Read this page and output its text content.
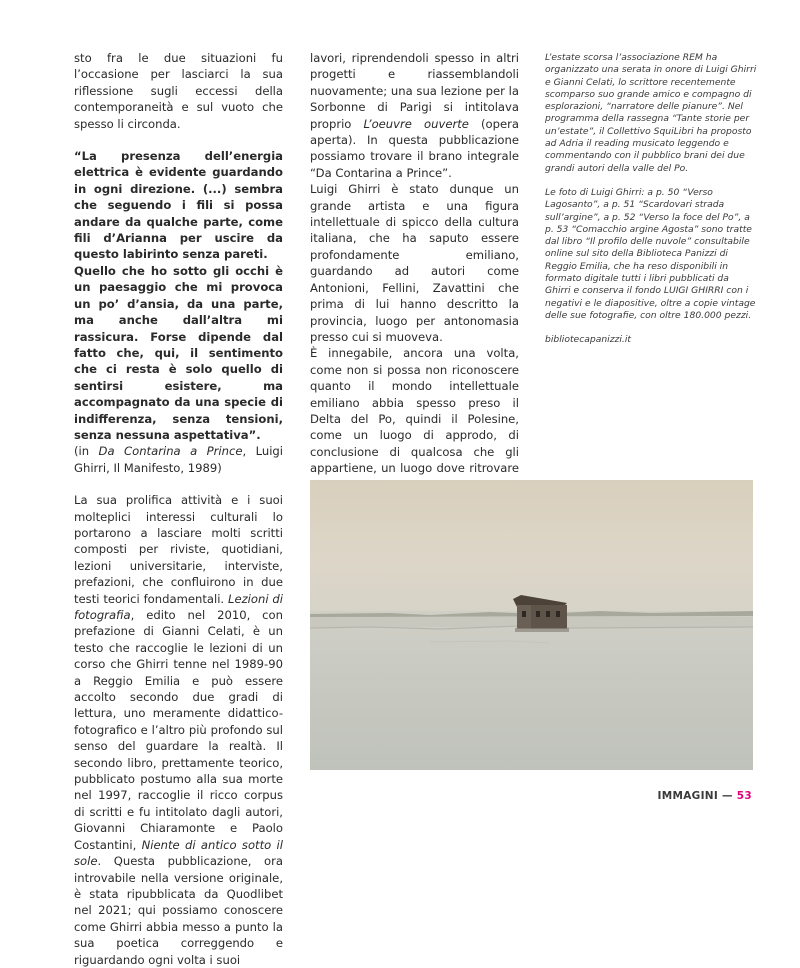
sto fra le due situazioni fu l’occasione per lasciarci la sua riflessione sugli eccessi della contemporaneità e sul vuoto che spesso li circonda.

“La presenza dell’energia elettrica è evidente guardando in ogni direzione. (...) sembra che seguendo i fili si possa andare da qualche parte, come fili d’Arianna per uscire da questo labirinto senza pareti.

Quello che ho sotto gli occhi è un paesaggio che mi provoca un po’ d’ansia, da una parte, ma anche dall’altra mi rassicura. Forse dipende dal fatto che, qui, il sentimento che ci resta è solo quello di sentirsi esistere, ma accompagnato da una specie di indifferenza, senza tensioni, senza nessuna aspettativa”.

(in Da Contarina a Prince, Luigi Ghirri, Il Manifesto, 1989)

La sua prolifica attività e i suoi molteplici interessi culturali lo portarono a lasciare molti scritti composti per riviste, quotidiani, lezioni universitarie, interviste, prefazioni, che confluirono in due testi teorici fondamentali. Lezioni di fotografia, edito nel 2010, con prefazione di Gianni Celati, è un testo che raccoglie le lezioni di un corso che Ghirri tenne nel 1989-90 a Reggio Emilia e può essere accolto secondo due gradi di lettura, uno meramente didattico-fotografico e l’altro più profondo sul senso del guardare la realtà. Il secondo libro, prettamente teorico, pubblicato postumo alla sua morte nel 1997, raccoglie il ricco corpus di scritti e fu intitolato dagli autori, Giovanni Chiaramonte e Paolo Costantini, Niente di antico sotto il sole. Questa pubblicazione, ora introvabile nella versione originale, è stata ripubblicata da Quodlibet nel 2021; qui possiamo conoscere come Ghirri abbia messo a punto la sua poetica correggendo e riguardando ogni volta i suoi

lavori, riprendendoli spesso in altri progetti e riassemblandoli nuovamente; una sua lezione per la Sorbonne di Parigi si intitolava proprio L’oeuvre ouverte (opera aperta). In questa pubblicazione possiamo trovare il brano integrale “Da Contarina a Prince”.

Luigi Ghirri è stato dunque un grande artista e una figura intellettuale di spicco della cultura italiana, che ha saputo essere profondamente emiliano, guardando ad autori come Antonioni, Fellini, Zavattini che prima di lui hanno descritto la provincia, luogo per antonomasia presso cui si muoveva.

È innegabile, ancora una volta, come non si possa non riconoscere quanto il mondo intellettuale emiliano abbia spesso preso il Delta del Po, quindi il Polesine, come un luogo di approdo, di conclusione di qualcosa che gli appartiene, un luogo dove ritrovare

L’estate scorsa l’associazione REM ha organizzato una serata in onore di Luigi Ghirri e Gianni Celati, lo scrittore recentemente scomparso suo grande amico e compagno di esplorazioni, “narratore delle pianure”. Nel programma della rassegna “Tante storie per un’estate”, il Collettivo SquiLibri ha proposto ad Adria il reading musicato leggendo e commentando con il pubblico brani dei due grandi autori della valle del Po.

Le foto di Luigi Ghirri: a p. 50 “Verso Lagosanto”, a p. 51 “Scardovari strada sull’argine”, a p. 52 “Verso la foce del Po”, a p. 53 “Comacchio argine Agosta” sono tratte dal libro “Il profilo delle nuvole” consultabile online sul sito della Biblioteca Panizzi di Reggio Emilia, che ha reso disponibili in formato digitale tutti i libri pubblicati da Ghirri e conserva il fondo LUIGI GHIRRI con i negativi e le diapositive, oltre a copie vintage delle sue fotografie, con oltre 180.000 pezzi.

bibliotecapanizzi.it

IMMAGINI — 53
